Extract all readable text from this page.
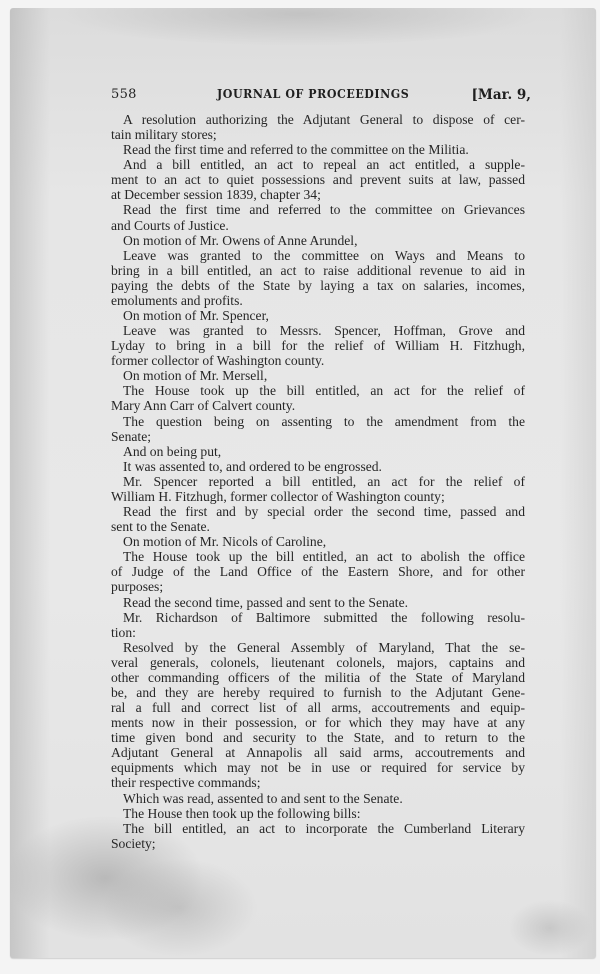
558	JOURNAL OF PROCEEDINGS	[Mar. 9,
A resolution authorizing the Adjutant General to dispose of cer-
tain military stores;
Read the first time and referred to the committee on the Militia.
And a bill entitled, an act to repeal an act entitled, a supple-
ment to an act to quiet possessions and prevent suits at law, passed
at December session 1839, chapter 34;
Read the first time and referred to the committee on Grievances
and Courts of Justice.
On motion of Mr. Owens of Anne Arundel,
Leave was granted to the committee on Ways and Means to
bring in a bill entitled, an act to raise additional revenue to aid in
paying the debts of the State by laying a tax on salaries, incomes,
emoluments and profits.
On motion of Mr. Spencer,
Leave was granted to Messrs. Spencer, Hoffman, Grove and
Lyday to bring in a bill for the relief of William H. Fitzhugh,
former collector of Washington county.
On motion of Mr. Mersell,
The House took up the bill entitled, an act for the relief of
Mary Ann Carr of Calvert county.
The question being on assenting to the amendment from the
Senate;
And on being put,
It was assented to, and ordered to be engrossed.
Mr. Spencer reported a bill entitled, an act for the relief of
William H. Fitzhugh, former collector of Washington county;
Read the first and by special order the second time, passed and
sent to the Senate.
On motion of Mr. Nicols of Caroline,
The House took up the bill entitled, an act to abolish the office
of Judge of the Land Office of the Eastern Shore, and for other
purposes;
Read the second time, passed and sent to the Senate.
Mr. Richardson of Baltimore submitted the following resolu-
tion:
Resolved by the General Assembly of Maryland, That the se-
veral generals, colonels, lieutenant colonels, majors, captains and
other commanding officers of the militia of the State of Maryland
be, and they are hereby required to furnish to the Adjutant Gene-
ral a full and correct list of all arms, accoutrements and equip-
ments now in their possession, or for which they may have at any
time given bond and security to the State, and to return to the
Adjutant General at Annapolis all said arms, accoutrements and
equipments which may not be in use or required for service by
their respective commands;
Which was read, assented to and sent to the Senate.
The House then took up the following bills:
The bill entitled, an act to incorporate the Cumberland Literary
Society;
